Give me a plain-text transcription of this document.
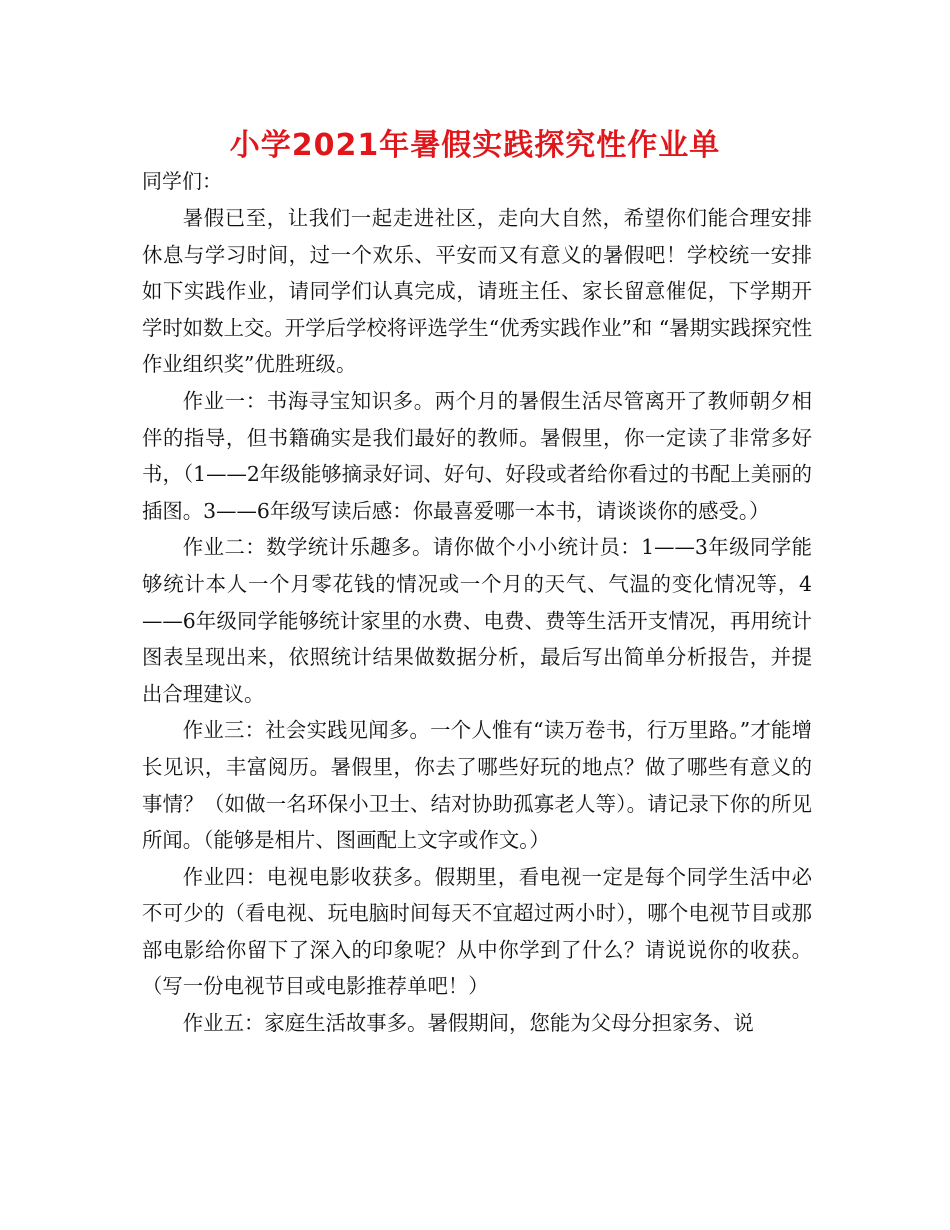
小学2021年暑假实践探究性作业单
同学们：

暑假已至，让我们一起走进社区，走向大自然，希望你们能合理安排休息与学习时间，过一个欢乐、平安而又有意义的暑假吧！学校统一安排如下实践作业，请同学们认真完成，请班主任、家长留意催促，下学期开学时如数上交。开学后学校将评选学生“优秀实践作业”和 “暑期实践探究性作业组织奖”优胜班级。

作业一：书海寻宝知识多。两个月的暑假生活尽管离开了教师朝夕相伴的指导，但书籍确实是我们最好的教师。暑假里，你一定读了非常多好书，（1——2年级能够摘录好词、好句、好段或者给你看过的书配上美丽的插图。3——6年级写读后感：你最喜爱哪一本书，请谈谈你的感受。）

作业二：数学统计乐趣多。请你做个小小统计员：1——3年级同学能够统计本人一个月零花钱的情况或一个月的天气、气温的变化情况等，4——6年级同学能够统计家里的水费、电费、费等生活开支情况，再用统计图表呈现出来，依照统计结果做数据分析，最后写出简单分析报告，并提出合理建议。

作业三：社会实践见闻多。一个人惟有“读万卷书，行万里路。”才能增长见识，丰富阅历。暑假里，你去了哪些好玩的地点？做了哪些有意义的事情？（如做一名环保小卫士、结对协助孤寡老人等）。请记录下你的所见所闻。（能够是相片、图画配上文字或作文。）

作业四：电视电影收获多。假期里，看电视一定是每个同学生活中必不可少的（看电视、玩电脑时间每天不宜超过两小时），哪个电视节目或那部电影给你留下了深入的印象呢？从中你学到了什么？请说说你的收获。（写一份电视节目或电影推荐单吧！）

作业五：家庭生活故事多。暑假期间，您能为父母分担家务、说
